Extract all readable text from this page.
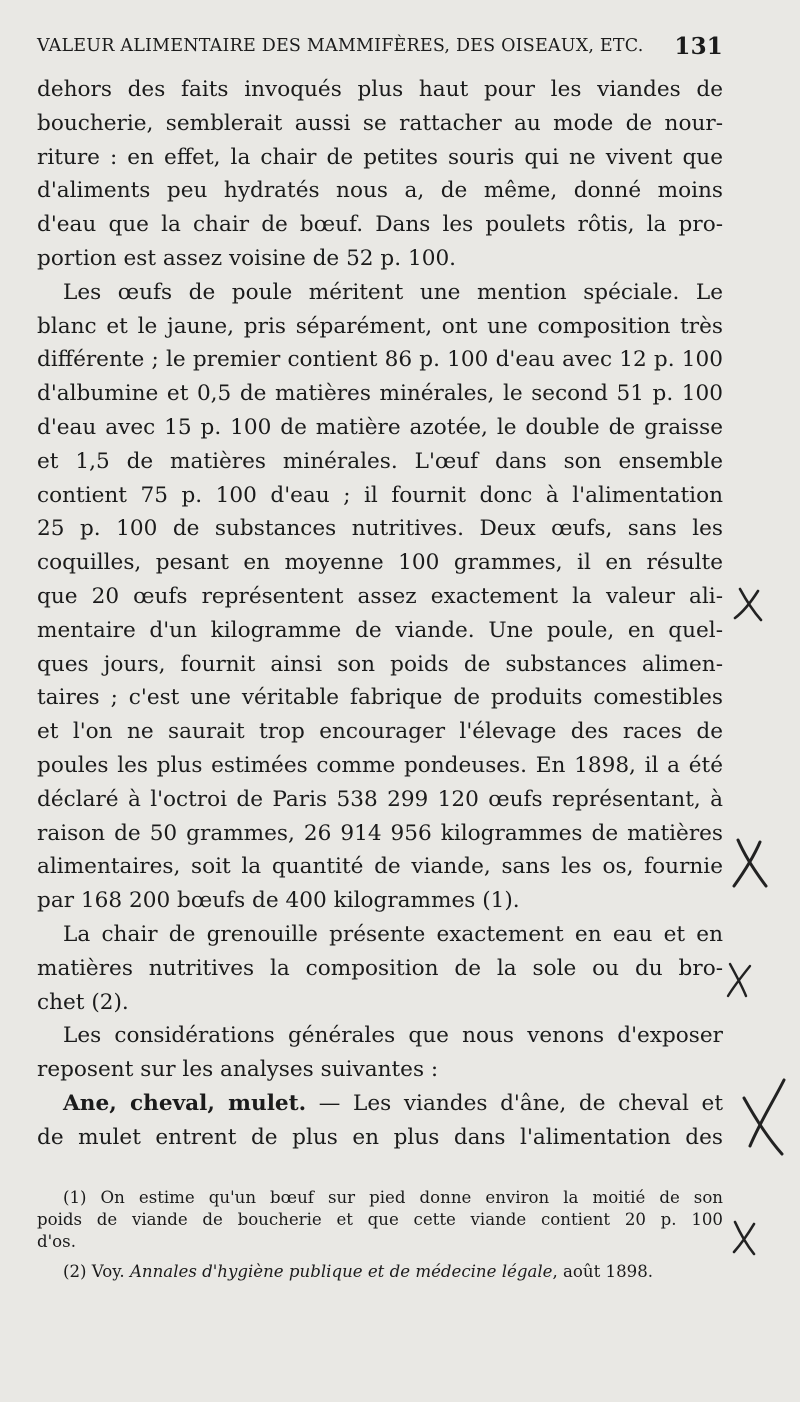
VALEUR ALIMENTAIRE DES MAMMIFÈRES, DES OISEAUX, ETC. 131
dehors des faits invoqués plus haut pour les viandes de
boucherie, semblerait aussi se rattacher au mode de nour-
riture : en effet, la chair de petites souris qui ne vivent que
d'aliments peu hydratés nous a, de même, donné moins
d'eau que la chair de bœuf. Dans les poulets rôtis, la pro-
portion est assez voisine de 52 p. 100.
Les œufs de poule méritent une mention spéciale. Le
blanc et le jaune, pris séparément, ont une composition très
différente ; le premier contient 86 p. 100 d'eau avec 12 p. 100
d'albumine et 0,5 de matières minérales, le second 51 p. 100
d'eau avec 15 p. 100 de matière azotée, le double de graisse
et 1,5 de matières minérales. L'œuf dans son ensemble
contient 75 p. 100 d'eau ; il fournit donc à l'alimentation
25 p. 100 de substances nutritives. Deux œufs, sans les
coquilles, pesant en moyenne 100 grammes, il en résulte
que 20 œufs représentent assez exactement la valeur ali-
mentaire d'un kilogramme de viande. Une poule, en quel-
ques jours, fournit ainsi son poids de substances alimen-
taires ; c'est une véritable fabrique de produits comestibles
et l'on ne saurait trop encourager l'élevage des races de
poules les plus estimées comme pondeuses. En 1898, il a été
déclaré à l'octroi de Paris 538 299 120 œufs représentant, à
raison de 50 grammes, 26 914 956 kilogrammes de matières
alimentaires, soit la quantité de viande, sans les os, fournie
par 168 200 bœufs de 400 kilogrammes (1).
La chair de grenouille présente exactement en eau et en
matières nutritives la composition de la sole ou du bro-
chet (2).
Les considérations générales que nous venons d'exposer
reposent sur les analyses suivantes :
Ane, cheval, mulet. — Les viandes d'âne, de cheval et
de mulet entrent de plus en plus dans l'alimentation des
(1) On estime qu'un bœuf sur pied donne environ la moitié de son
poids de viande de boucherie et que cette viande contient 20 p. 100
d'os.
(2) Voy. Annales d'hygiène publique et de médecine légale, août 1898.
